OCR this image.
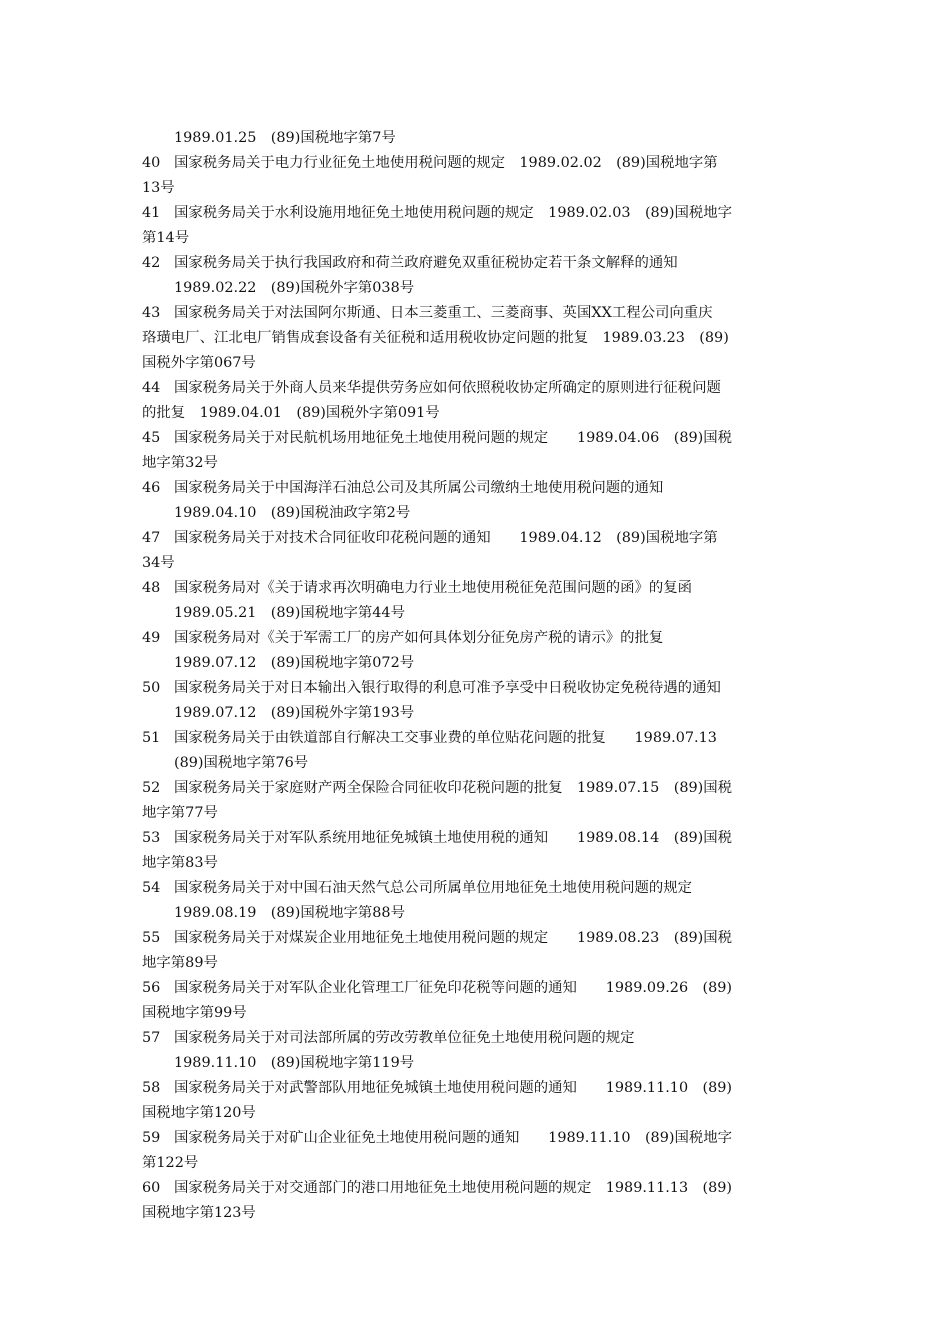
1989.01.25　(89)国税地字第7号
40 国家税务局关于电力行业征免土地使用税问题的规定　1989.02.02　(89)国税地字第
13号
41 国家税务局关于水利设施用地征免土地使用税问题的规定　1989.02.03　(89)国税地字
第14号
42 国家税务局关于执行我国政府和荷兰政府避免双重征税协定若干条文解释的通知
1989.02.22　(89)国税外字第038号
43 国家税务局关于对法国阿尔斯通、日本三菱重工、三菱商事、英国XX工程公司向重庆
珞璜电厂、江北电厂销售成套设备有关征税和适用税收协定问题的批复　1989.03.23　(89)
国税外字第067号
44 国家税务局关于外商人员来华提供劳务应如何依照税收协定所确定的原则进行征税问题
的批复　1989.04.01　(89)国税外字第091号
45 国家税务局关于对民航机场用地征免土地使用税问题的规定　　1989.04.06　(89)国税
地字第32号
46 国家税务局关于中国海洋石油总公司及其所属公司缴纳土地使用税问题的通知
1989.04.10　(89)国税油政字第2号
47 国家税务局关于对技术合同征收印花税问题的通知　　1989.04.12　(89)国税地字第
34号
48 国家税务局对《关于请求再次明确电力行业土地使用税征免范围问题的函》的复函
1989.05.21　(89)国税地字第44号
49 国家税务局对《关于军需工厂的房产如何具体划分征免房产税的请示》的批复
1989.07.12　(89)国税地字第072号
50 国家税务局关于对日本输出入银行取得的利息可准予享受中日税收协定免税待遇的通知
1989.07.12　(89)国税外字第193号
51 国家税务局关于由铁道部自行解决工交事业费的单位贴花问题的批复　　1989.07.13
(89)国税地字第76号
52 国家税务局关于家庭财产两全保险合同征收印花税问题的批复　1989.07.15　(89)国税
地字第77号
53 国家税务局关于对军队系统用地征免城镇土地使用税的通知　　1989.08.14　(89)国税
地字第83号
54 国家税务局关于对中国石油天然气总公司所属单位用地征免土地使用税问题的规定
1989.08.19　(89)国税地字第88号
55 国家税务局关于对煤炭企业用地征免土地使用税问题的规定　　1989.08.23　(89)国税
地字第89号
56 国家税务局关于对军队企业化管理工厂征免印花税等问题的通知　　1989.09.26　(89)
国税地字第99号
57 国家税务局关于对司法部所属的劳改劳教单位征免土地使用税问题的规定
1989.11.10　(89)国税地字第119号
58 国家税务局关于对武警部队用地征免城镇土地使用税问题的通知　　1989.11.10　(89)
国税地字第120号
59 国家税务局关于对矿山企业征免土地使用税问题的通知　　1989.11.10　(89)国税地字
第122号
60 国家税务局关于对交通部门的港口用地征免土地使用税问题的规定　1989.11.13　(89)
国税地字第123号
